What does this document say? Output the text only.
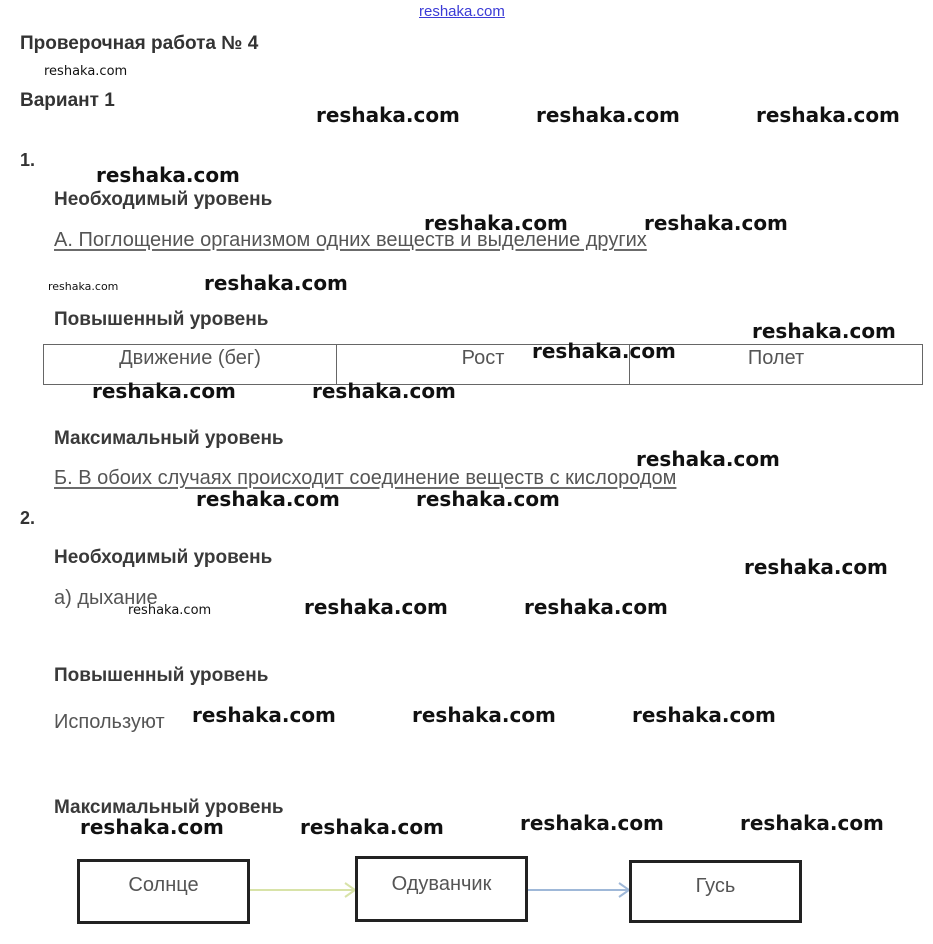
reshaka.com
Проверочная работа № 4
reshaka.com
Вариант 1
1.
Необходимый уровень
А. Поглощение организмом одних веществ и выделение других
Повышенный уровень
Движение (бег)	Рост	Полет
Максимальный уровень
Б. В обоих случаях происходит соединение веществ с кислородом
2.
Необходимый уровень
а) дыхание
Повышенный уровень
Используют
Максимальный уровень
Солнце	Одуванчик	Гусь
reshaka.com	reshaka.com	reshaka.com
reshaka.com
reshaka.com	reshaka.com
reshaka.com	reshaka.com
reshaka.com
reshaka.com
reshaka.com	reshaka.com
reshaka.com
reshaka.com	reshaka.com
reshaka.com
reshaka.com	reshaka.com
reshaka.com
reshaka.com	reshaka.com	reshaka.com
reshaka.com	reshaka.com
reshaka.com	reshaka.com
